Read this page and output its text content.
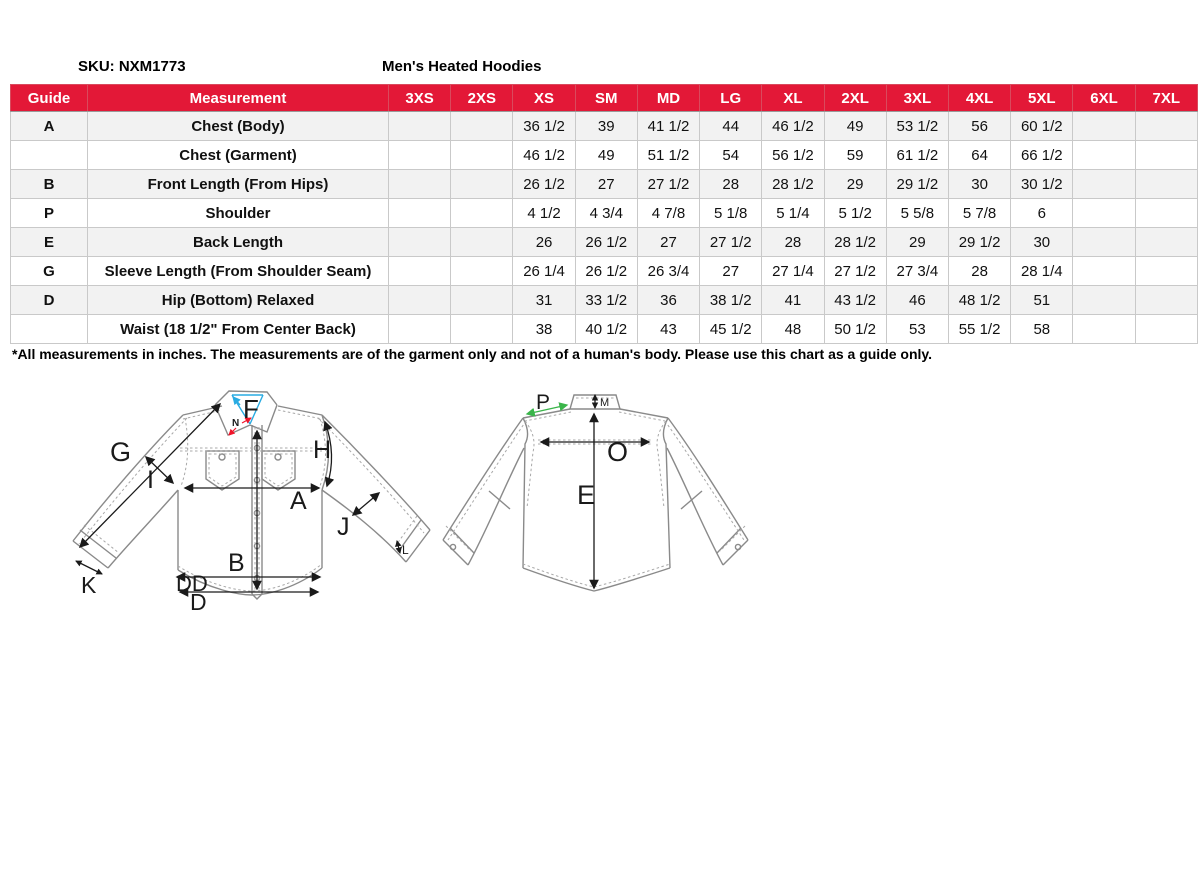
SKU: NXM1773	Men's Heated Hoodies
Guide	Measurement	3XS	2XS	XS	SM	MD	LG	XL	2XL	3XL	4XL	5XL	6XL	7XL
A	Chest (Body)			36 1/2	39	41 1/2	44	46 1/2	49	53 1/2	56	60 1/2		
	Chest (Garment)			46 1/2	49	51 1/2	54	56 1/2	59	61 1/2	64	66 1/2		
B	Front Length (From Hips)			26 1/2	27	27 1/2	28	28 1/2	29	29 1/2	30	30 1/2		
P	Shoulder			4 1/2	4 3/4	4 7/8	5 1/8	5 1/4	5 1/2	5 5/8	5 7/8	6		
E	Back Length			26	26 1/2	27	27 1/2	28	28 1/2	29	29 1/2	30		
G	Sleeve Length (From Shoulder Seam)			26 1/4	26 1/2	26 3/4	27	27 1/4	27 1/2	27 3/4	28	28 1/4		
D	Hip (Bottom) Relaxed			31	33 1/2	36	38 1/2	41	43 1/2	46	48 1/2	51		
	Waist (18 1/2" From Center Back)			38	40 1/2	43	45 1/2	48	50 1/2	53	55 1/2	58		
*All measurements in inches. The measurements are of the garment only and not of a human's body. Please use this chart as a guide only.
G
I
H
A
J
B
K
L
DD
D
F
N
P	M
O
E
